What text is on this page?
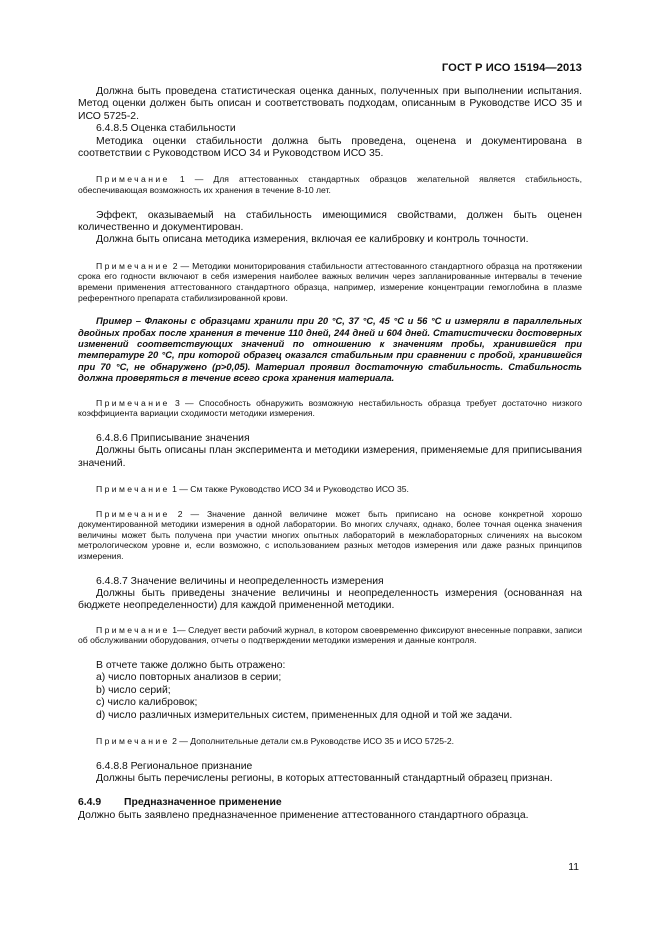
ГОСТ Р ИСО 15194—2013

Должна быть проведена статистическая оценка данных, полученных при выполнении испытания. Метод оценки должен быть описан и соответствовать подходам, описанным в Руководстве ИСО 35 и ИСО 5725-2.

6.4.8.5 Оценка стабильности

Методика оценки стабильности должна быть проведена, оценена и документирована в соответствии с Руководством ИСО 34 и Руководством ИСО 35.

Примечание 1 — Для аттестованных стандартных образцов желательной является стабильность, обеспечивающая возможность их хранения в течение 8-10 лет.

Эффект, оказываемый на стабильность имеющимися свойствами, должен быть оценен количественно и документирован.

Должна быть описана методика измерения, включая ее калибровку и контроль точности.

Примечание 2 — Методики мониторирования стабильности аттестованного стандартного образца на протяжении срока его годности включают в себя измерения наиболее важных величин через запланированные интервалы в течение времени применения аттестованного стандартного образца, например, измерение концентрации гемоглобина в плазме референтного препарата стабилизированной крови.

Пример – Флаконы с образцами хранили при 20 °С, 37 °С, 45 °С и 56 °С и измеряли в параллельных двойных пробах после хранения в течение 110 дней, 244 дней и 604 дней. Статистически достоверных изменений соответствующих значений по отношению к значениям пробы, хранившейся при температуре 20 °С, при которой образец оказался стабильным при сравнении с пробой, хранившейся при 70 °С, не обнаружено (р>0,05). Материал проявил достаточную стабильность. Стабильность должна проверяться в течение всего срока хранения материала.

Примечание 3 — Способность обнаружить возможную нестабильность образца требует достаточно низкого коэффициента вариации сходимости методики измерения.

6.4.8.6 Приписывание значения

Должны быть описаны план эксперимента и методики измерения, применяемые для приписывания значений.

Примечание 1 — См также Руководство ИСО 34 и Руководство ИСО 35.

Примечание 2 — Значение данной величине может быть приписано на основе конкретной хорошо документированной методики измерения в одной лаборатории. Во многих случаях, однако, более точная оценка значения величины может быть получена при участии многих опытных лабораторий в межлабораторных сличениях на высоком метрологическом уровне и, если возможно, с использованием разных методов измерения или даже разных принципов измерения.

6.4.8.7 Значение величины и неопределенность измерения

Должны быть приведены значение величины и неопределенность измерения (основанная на бюджете неопределенности) для каждой примененной методики.

Примечание 1— Следует вести рабочий журнал, в котором своевременно фиксируют внесенные поправки, записи об обслуживании оборудования, отчеты о подтверждении методики измерения и данные контроля.

В отчете также должно быть отражено:

a) число повторных анализов в серии;

b) число серий;

c) число калибровок;

d) число различных измерительных систем, примененных для одной и той же задачи.

Примечание 2 — Дополнительные детали см.в Руководстве ИСО 35 и ИСО 5725-2.

6.4.8.8 Региональное признание

Должны быть перечислены регионы, в которых аттестованный стандартный образец признан.

6.4.9 Предназначенное применение

Должно быть заявлено предназначенное применение аттестованного стандартного образца.

11
